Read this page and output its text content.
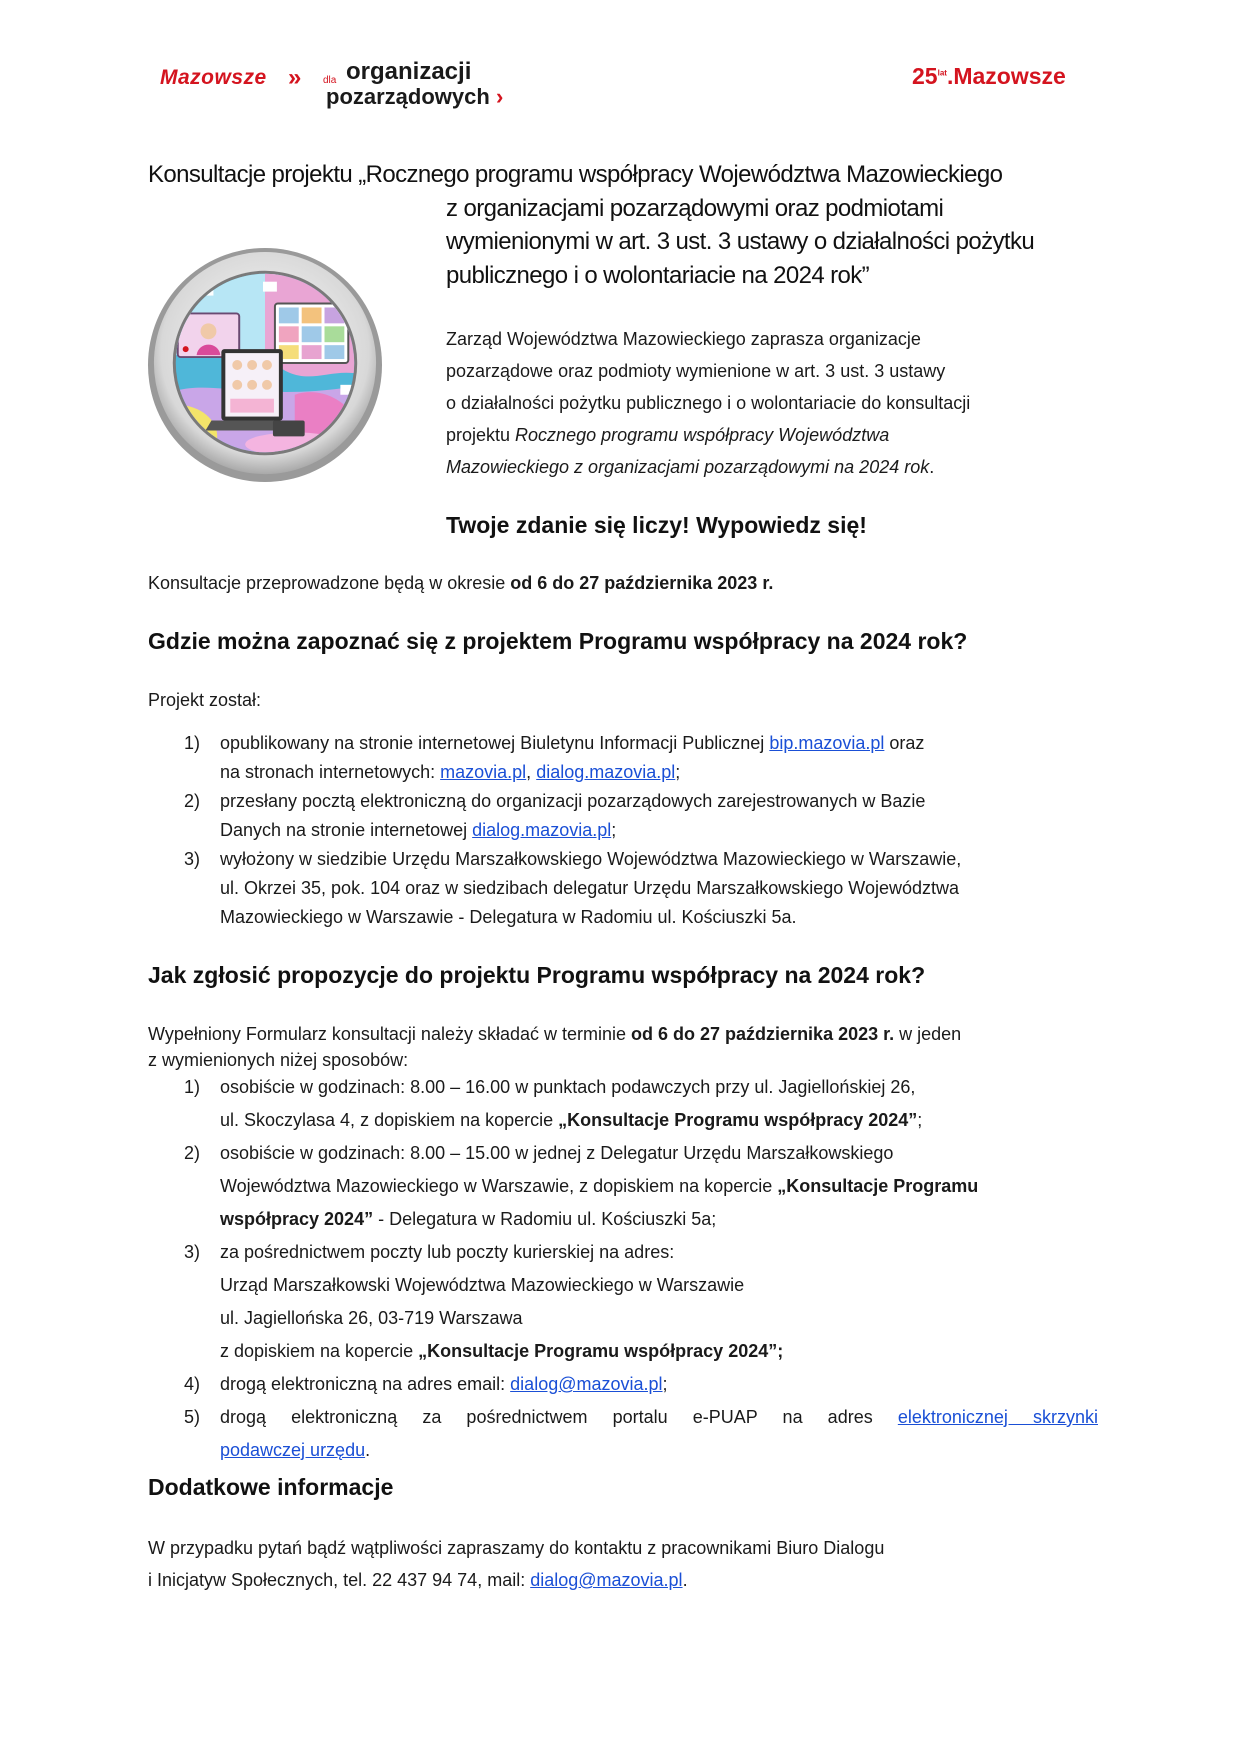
Mazowsze » dla organizacji
pozarządowych ›
$25^{lat}.Mazowsze$
Konsultacje projektu „Rocznego programu współpracy Województwa Mazowieckiego
z organizacjami pozarządowymi oraz podmiotami
wymienionymi w art. 3 ust. 3 ustawy o działalności pożytku
publicznego i o wolontariacie na 2024 rok”

Zarząd Województwa Mazowieckiego zaprasza organizacje

pozarządowe oraz podmioty wymienione w art. 3 ust. 3 ustawy

o działalności pożytku publicznego i o wolontariacie do konsultacji

projektu Rocznego programu współpracy Województwa

Mazowieckiego z organizacjami pozarządowymi na 2024 rok.

Twoje zdanie się liczy! Wypowiedz się!
Konsultacje przeprowadzone będą w okresie od 6 do 27 października 2023 r.
Gdzie można zapoznać się z projektem Programu współpracy na 2024 rok?
Projekt został:
1) opublikowany na stronie internetowej Biuletynu Informacji Publicznej bip.mazovia.pl oraz
na stronach internetowych: mazovia.pl, dialog.mazovia.pl;
2) przesłany pocztą elektroniczną do organizacji pozarządowych zarejestrowanych w Bazie
Danych na stronie internetowej dialog.mazovia.pl;
3) wyłożony w siedzibie Urzędu Marszałkowskiego Województwa Mazowieckiego w Warszawie,
ul. Okrzei 35, pok. 104 oraz w siedzibach delegatur Urzędu Marszałkowskiego Województwa
Mazowieckiego w Warszawie - Delegatura w Radomiu ul. Kościuszki 5a.
Jak zgłosić propozycje do projektu Programu współpracy na 2024 rok?
Wypełniony Formularz konsultacji należy składać w terminie od 6 do 27 października 2023 r. w jeden
z wymienionych niżej sposobów:
1) osobiście w godzinach: 8.00 – 16.00 w punktach podawczych przy ul. Jagiellońskiej 26,
ul. Skoczylasa 4, z dopiskiem na kopercie „Konsultacje Programu współpracy 2024”;
2) osobiście w godzinach: 8.00 – 15.00 w jednej z Delegatur Urzędu Marszałkowskiego
Województwa Mazowieckiego w Warszawie, z dopiskiem na kopercie „Konsultacje Programu
współpracy 2024” - Delegatura w Radomiu ul. Kościuszki 5a;
3) za pośrednictwem poczty lub poczty kurierskiej na adres:
Urząd Marszałkowski Województwa Mazowieckiego w Warszawie
ul. Jagiellońska 26, 03-719 Warszawa
z dopiskiem na kopercie „Konsultacje Programu współpracy 2024”;
4) drogą elektroniczną na adres email: dialog@mazovia.pl;
5) drogą elektroniczną za pośrednictwem portalu e-PUAP na adres elektronicznej skrzynki
podawczej urzędu.
Dodatkowe informacje
W przypadku pytań bądź wątpliwości zapraszamy do kontaktu z pracownikami Biuro Dialogu
i Inicjatyw Społecznych, tel. 22 437 94 74, mail: dialog@mazovia.pl.
